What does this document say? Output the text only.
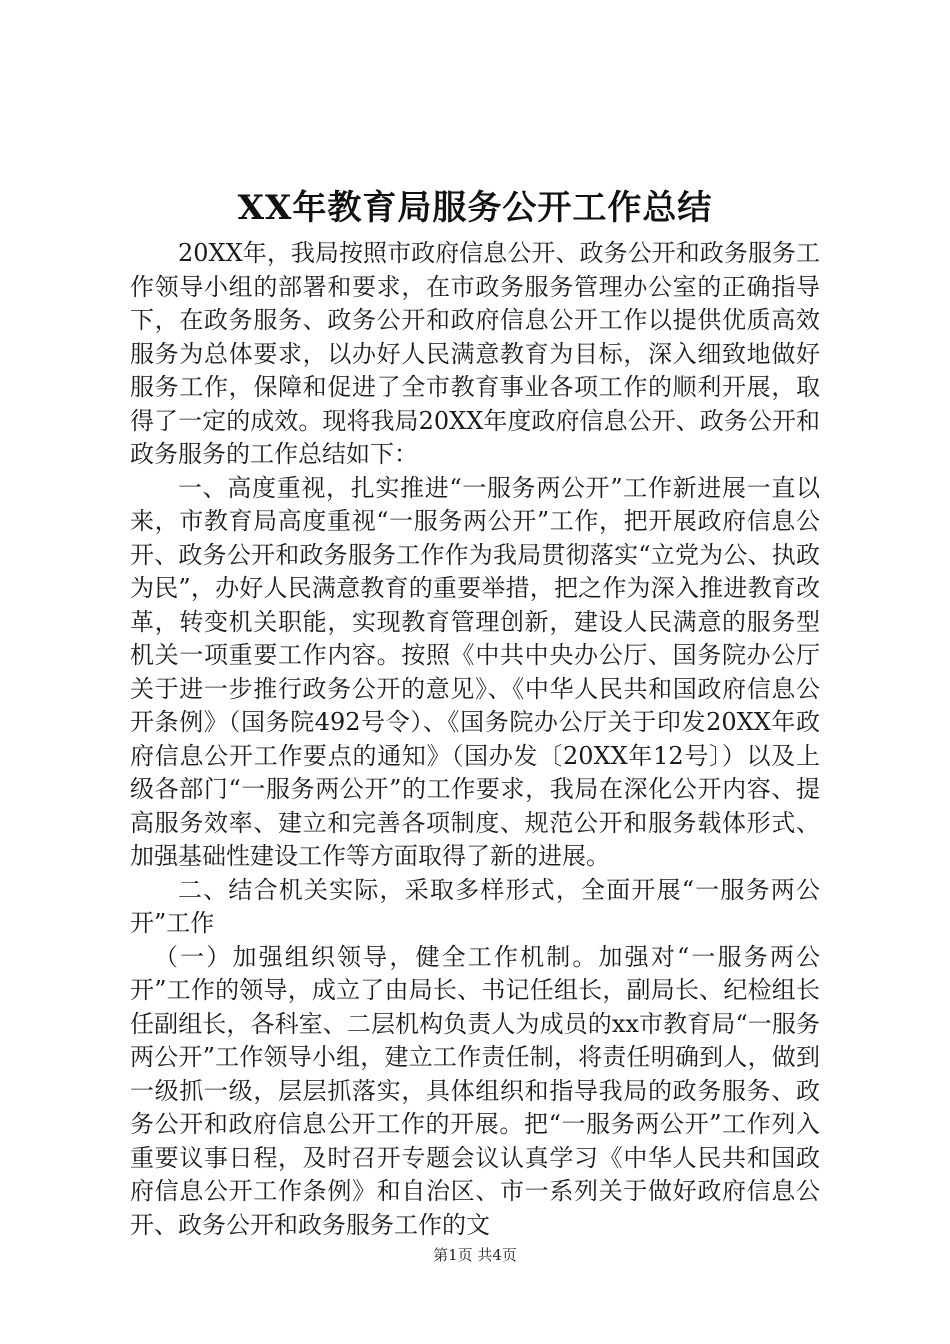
XX年教育局服务公开工作总结

20XX年，我局按照市政府信息公开、政务公开和政务服务工作领导小组的部署和要求，在市政务服务管理办公室的正确指导下，在政务服务、政务公开和政府信息公开工作以提供优质高效服务为总体要求，以办好人民满意教育为目标，深入细致地做好服务工作，保障和促进了全市教育事业各项工作的顺利开展，取得了一定的成效。现将我局20XX年度政府信息公开、政务公开和政务服务的工作总结如下：

一、高度重视，扎实推进“一服务两公开”工作新进展一直以来，市教育局高度重视“一服务两公开”工作，把开展政府信息公开、政务公开和政务服务工作作为我局贯彻落实“立党为公、执政为民”，办好人民满意教育的重要举措，把之作为深入推进教育改革，转变机关职能，实现教育管理创新，建设人民满意的服务型机关一项重要工作内容。按照《中共中央办公厅、国务院办公厅关于进一步推行政务公开的意见》、《中华人民共和国政府信息公开条例》（国务院492号令）、《国务院办公厅关于印发20XX年政府信息公开工作要点的通知》（国办发〔20XX年12号〕）以及上级各部门“一服务两公开”的工作要求，我局在深化公开内容、提高服务效率、建立和完善各项制度、规范公开和服务载体形式、加强基础性建设工作等方面取得了新的进展。

二、结合机关实际，采取多样形式，全面开展“一服务两公开”工作

（一）加强组织领导，健全工作机制。加强对“一服务两公开”工作的领导，成立了由局长、书记任组长，副局长、纪检组长任副组长，各科室、二层机构负责人为成员的xx市教育局“一服务两公开”工作领导小组，建立工作责任制，将责任明确到人，做到一级抓一级，层层抓落实，具体组织和指导我局的政务服务、政务公开和政府信息公开工作的开展。把“一服务两公开”工作列入重要议事日程，及时召开专题会议认真学习《中华人民共和国政府信息公开工作条例》和自治区、市一系列关于做好政府信息公开、政务公开和政务服务工作的文

第1页 共4页
